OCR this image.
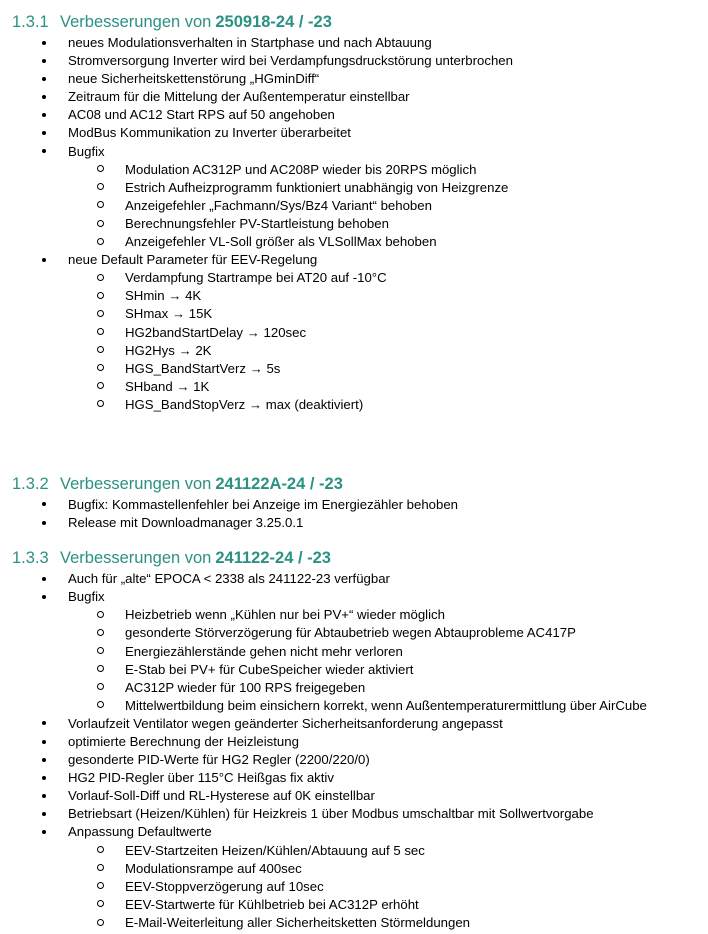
1.3.1 Verbesserungen von 250918-24 / -23
neues Modulationsverhalten in Startphase und nach Abtauung
Stromversorgung Inverter wird bei Verdampfungsdruckstörung unterbrochen
neue Sicherheitskettenstörung „HGminDiff“
Zeitraum für die Mittelung der Außentemperatur einstellbar
AC08 und AC12 Start RPS auf 50 angehoben
ModBus Kommunikation zu Inverter überarbeitet
Bugfix
Modulation AC312P und AC208P wieder bis 20RPS möglich
Estrich Aufheizprogramm funktioniert unabhängig von Heizgrenze
Anzeigefehler „Fachmann/Sys/Bz4 Variant“ behoben
Berechnungsfehler PV-Startleistung behoben
Anzeigefehler VL-Soll größer als VLSollMax behoben
neue Default Parameter für EEV-Regelung
Verdampfung Startrampe bei AT20 auf -10°C
SHmin → 4K
SHmax → 15K
HG2bandStartDelay → 120sec
HG2Hys → 2K
HGS_BandStartVerz → 5s
SHband → 1K
HGS_BandStopVerz → max (deaktiviert)
1.3.2 Verbesserungen von 241122A-24 / -23
Bugfix: Kommastellenfehler bei Anzeige im Energiezähler behoben
Release mit Downloadmanager 3.25.0.1
1.3.3 Verbesserungen von 241122-24 / -23
Auch für „alte“ EPOCA < 2338 als 241122-23 verfügbar
Bugfix
Heizbetrieb wenn „Kühlen nur bei PV+“ wieder möglich
gesonderte Störverzögerung für Abtaubetrieb wegen Abtauprobleme AC417P
Energiezählerstände gehen nicht mehr verloren
E-Stab bei PV+ für CubeSpeicher wieder aktiviert
AC312P wieder für 100 RPS freigegeben
Mittelwertbildung beim einsichern korrekt, wenn Außentemperaturermittlung über AirCube
Vorlaufzeit Ventilator wegen geänderter Sicherheitsanforderung angepasst
optimierte Berechnung der Heizleistung
gesonderte PID-Werte für HG2 Regler (2200/220/0)
HG2 PID-Regler über 115°C Heißgas fix aktiv
Vorlauf-Soll-Diff und RL-Hysterese auf 0K einstellbar
Betriebsart (Heizen/Kühlen) für Heizkreis 1 über Modbus umschaltbar mit Sollwertvorgabe
Anpassung Defaultwerte
EEV-Startzeiten Heizen/Kühlen/Abtauung auf 5 sec
Modulationsrampe auf 400sec
EEV-Stoppverzögerung auf 10sec
EEV-Startwerte für Kühlbetrieb bei AC312P erhöht
E-Mail-Weiterleitung aller Sicherheitsketten Störmeldungen
